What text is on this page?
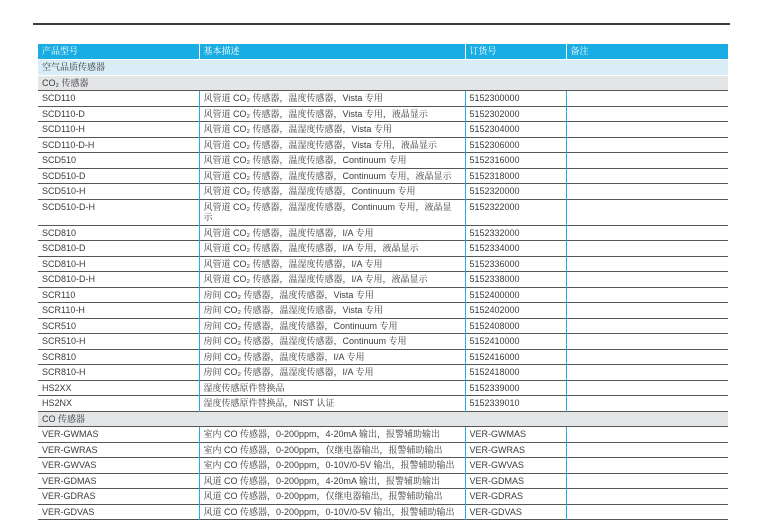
产品型号	基本描述	订货号	备注
空气品质传感器			
CO₂ 传感器			
SCD110	风管道 CO₂ 传感器，温度传感器，Vista 专用	5152300000	
SCD110-D	风管道 CO₂ 传感器，温度传感器，Vista 专用，液晶显示	5152302000	
SCD110-H	风管道 CO₂ 传感器，温湿度传感器，Vista 专用	5152304000	
SCD110-D-H	风管道 CO₂ 传感器，温湿度传感器，Vista 专用，液晶显示	5152306000	
SCD510	风管道 CO₂ 传感器，温度传感器，Continuum 专用	5152316000	
SCD510-D	风管道 CO₂ 传感器，温度传感器，Continuum 专用，液晶显示	5152318000	
SCD510-H	风管道 CO₂ 传感器，温湿度传感器，Continuum 专用	5152320000	
SCD510-D-H	风管道 CO₂ 传感器，温湿度传感器，Continuum 专用，液晶显示	5152322000	
SCD810	风管道 CO₂ 传感器，温度传感器，I/A 专用	5152332000	
SCD810-D	风管道 CO₂ 传感器，温度传感器，I/A 专用，液晶显示	5152334000	
SCD810-H	风管道 CO₂ 传感器，温湿度传感器，I/A 专用	5152336000	
SCD810-D-H	风管道 CO₂ 传感器，温湿度传感器，I/A 专用，液晶显示	5152338000	
SCR110	房间 CO₂ 传感器，温度传感器，Vista 专用	5152400000	
SCR110-H	房间 CO₂ 传感器，温湿度传感器，Vista 专用	5152402000	
SCR510	房间 CO₂ 传感器，温度传感器，Continuum 专用	5152408000	
SCR510-H	房间 CO₂ 传感器，温湿度传感器，Continuum 专用	5152410000	
SCR810	房间 CO₂ 传感器，温度传感器，I/A 专用	5152416000	
SCR810-H	房间 CO₂ 传感器，温湿度传感器，I/A 专用	5152418000	
HS2XX	湿度传感原件替换品	5152339000	
HS2NX	湿度传感原件替换品，NIST 认证	5152339010	
CO 传感器			
VER-GWMAS	室内 CO 传感器，0-200ppm，4-20mA 输出，报警辅助输出	VER-GWMAS	
VER-GWRAS	室内 CO 传感器，0-200ppm，仅继电器输出，报警辅助输出	VER-GWRAS	
VER-GWVAS	室内 CO 传感器，0-200ppm，0-10V/0-5V 输出，报警辅助输出	VER-GWVAS	
VER-GDMAS	风道 CO 传感器，0-200ppm，4-20mA 输出，报警辅助输出	VER-GDMAS	
VER-GDRAS	风道 CO 传感器，0-200ppm，仅继电器输出，报警辅助输出	VER-GDRAS	
VER-GDVAS	风道 CO 传感器，0-200ppm，0-10V/0-5V 输出，报警辅助输出	VER-GDVAS	
